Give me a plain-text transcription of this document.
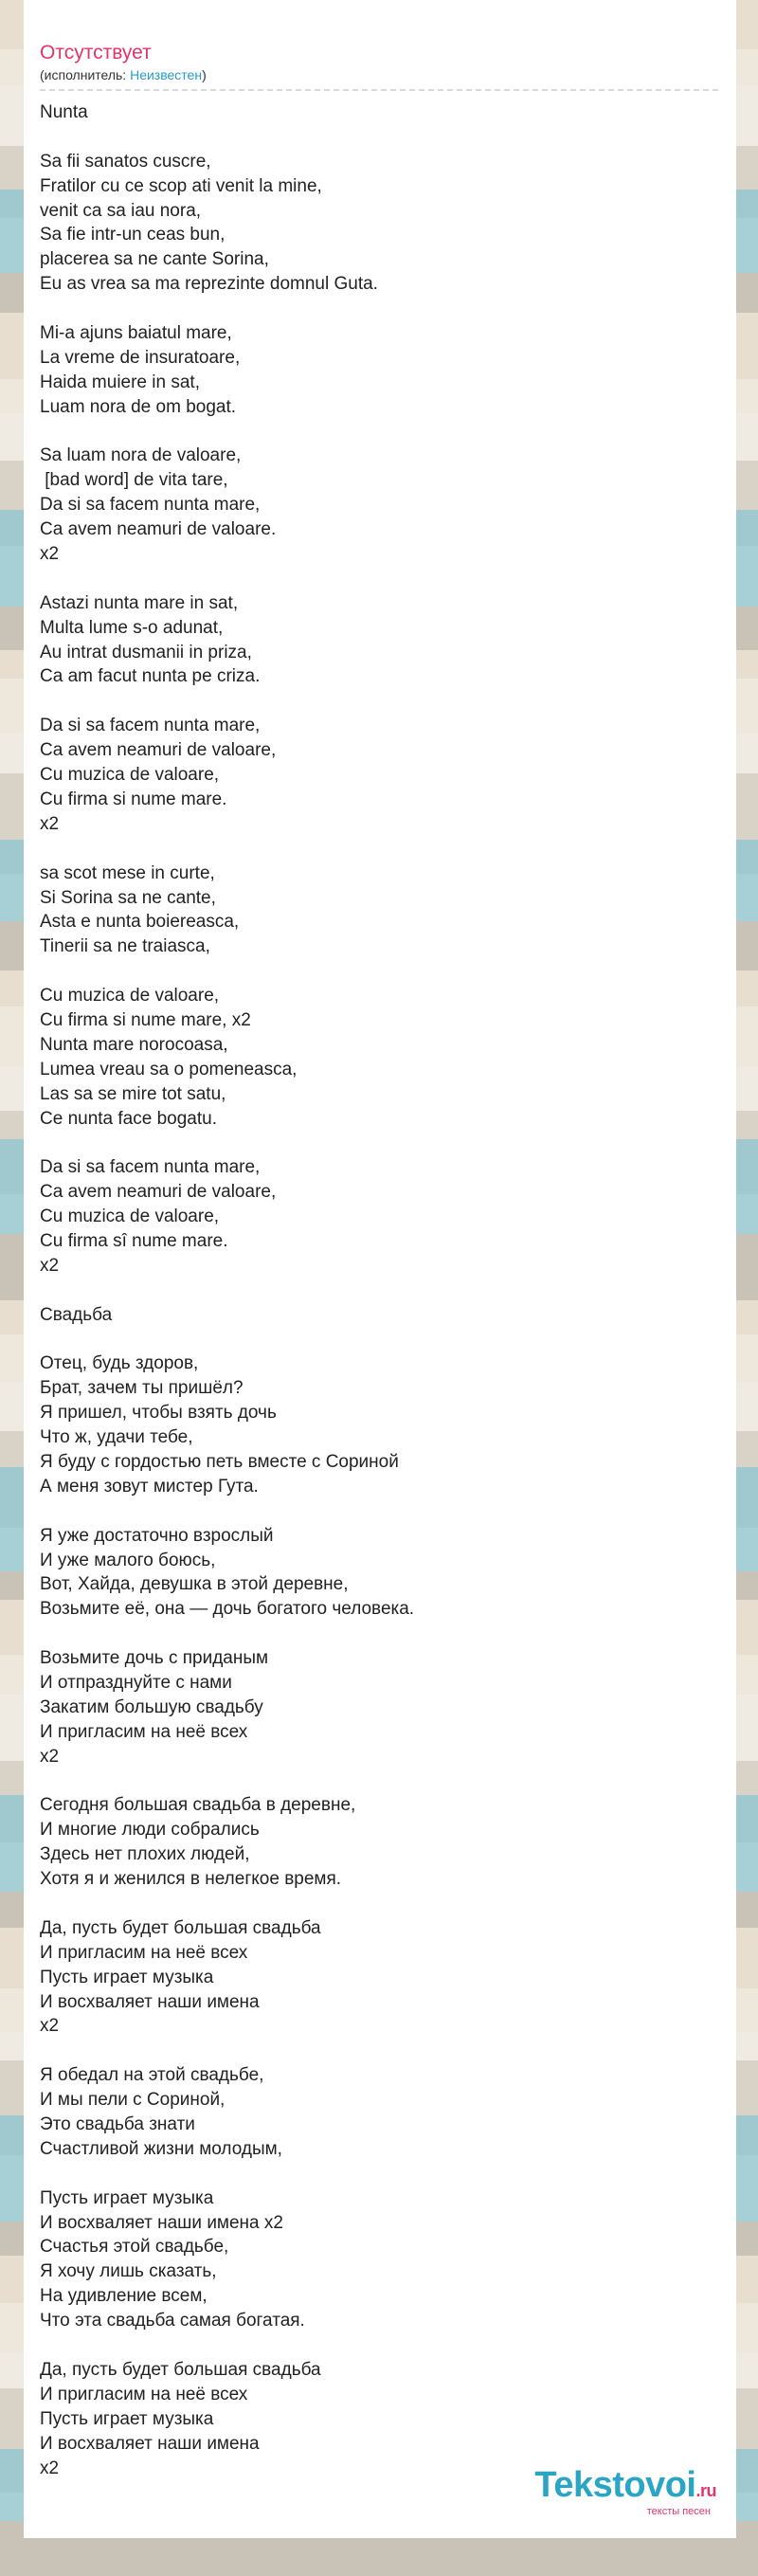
Отсутствует
(исполнитель: Неизвестен)
Nunta
Sa fii sanatos cuscre,
Fratilor cu ce scop ati venit la mine,
venit ca sa iau nora,
Sa fie intr-un ceas bun,
placerea sa ne cante Sorina,
Eu as vrea sa ma reprezinte domnul Guta.
Mi-a ajuns baiatul mare,
La vreme de insuratoare,
Haida muiere in sat,
Luam nora de om bogat.
Sa luam nora de valoare,
[bad word] de vita tare,
Da si sa facem nunta mare,
Ca avem neamuri de valoare.
x2
Astazi nunta mare in sat,
Multa lume s-o adunat,
Au intrat dusmanii in priza,
Ca am facut nunta pe criza.
Da si sa facem nunta mare,
Ca avem neamuri de valoare,
Cu muzica de valoare,
Cu firma si nume mare.
x2
sa scot mese in curte,
Si Sorina sa ne cante,
Asta e nunta boiereasca,
Tinerii sa ne traiasca,
Cu muzica de valoare,
Cu firma si nume mare, x2
Nunta mare norocoasa,
Lumea vreau sa o pomeneasca,
Las sa se mire tot satu,
Ce nunta face bogatu.
Da si sa facem nunta mare,
Ca avem neamuri de valoare,
Cu muzica de valoare,
Cu firma sî nume mare.
x2
Свадьба
Отец, будь здоров,
Брат, зачем ты пришёл?
Я пришел, чтобы взять дочь
Что ж, удачи тебе,
Я буду с гордостью петь вместе с Сориной
А меня зовут мистер Гута.
Я уже достаточно взрослый
И уже малого боюсь,
Вот, Хайда, девушка в этой деревне,
Возьмите её, она — дочь богатого человека.
Возьмите дочь с приданым
И отпразднуйте с нами
Закатим большую свадьбу
И пригласим на неё всех
x2
Сегодня большая свадьба в деревне,
И многие люди собрались
Здесь нет плохих людей,
Хотя я и женился в нелегкое время.
Да, пусть будет большая свадьба
И пригласим на неё всех
Пусть играет музыка
И восхваляет наши имена
x2
Я обедал на этой свадьбе,
И мы пели с Сориной,
Это свадьба знати
Счастливой жизни молодым,
Пусть играет музыка
И восхваляет наши имена x2
Счастья этой свадьбе,
Я хочу лишь сказать,
На удивление всем,
Что эта свадьба самая богатая.
Да, пусть будет большая свадьба
И пригласим на неё всех
Пусть играет музыка
И восхваляет наши имена
x2	Tekstovoi.ru
тексты песен
